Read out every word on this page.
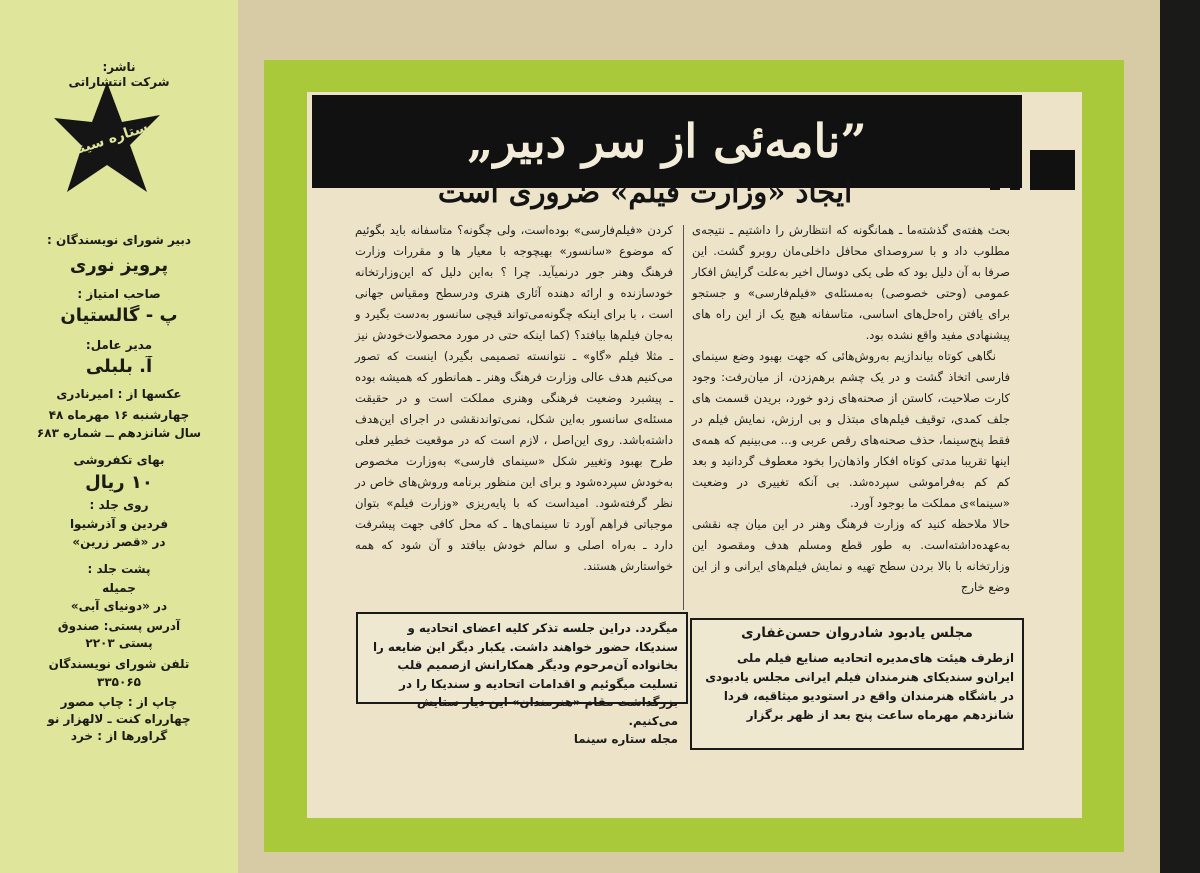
ناشر:
شرکت انتشاراتی
ستاره سینما
دبیر شورای نویسندگان :
پرویز نوری
صاحب امتیاز :
پ - گالستیان
مدیر عامل:
آ. بلبلی
عکسها از : امیرنادری
چهارشنبه ۱۶ مهرماه ۴۸
سال شانزدهم ــ شماره ۶۸۳
بهای تکفروشی
۱۰ ریال
روی جلد :
فردین و آذرشیوا
در «قصر زرین»
پشت جلد :
جمیله
در «دونیای آبی»
آدرس پستی: صندوق
پستی ۲۲۰۳
تلفن شورای نویسندگان
۳۳۵۰۶۵
چاپ از : چاپ مصور
چهارراه کنت ـ لالهزار نو
گراورها از : خرد
”نامه‌ئی از سر دبیر„
ایجاد «وزارت فیلم» ضروری است

بحث هفته‌ی گذشته‌ما ـ همانگونه که انتظارش را داشتیم ـ نتیجه‌ی مطلوب داد و با سروصدای محافل داخلی‌مان روبرو گشت. این صرفا به آن دلیل بود که طی یکی دوسال اخیر به‌علت گرایش افکار عمومی (وحتی خصوصی) به‌مسئله‌ی «فیلم‌فارسی» و جستجو برای یافتن راه‌حل‌های اساسی، متاسفانه هیچ یک از این راه های پیشنهادی مفید واقع نشده بود.

نگاهی کوتاه بیاندازیم به‌روش‌هائی که جهت بهبود وضع سینمای فارسی اتخاذ گشت و در یک چشم برهم‌زدن، از میان‌رفت: وجود کارت صلاحیت، کاستن از صحنه‌های زدو خورد، بریدن قسمت های جلف کمدی، توقیف فیلم‌های مبتذل و بی ارزش، نمایش فیلم در فقط پنج‌سینما، حذف صحنه‌های رقص عربی و... می‌بینیم که همه‌ی اینها تقریبا مدتی کوتاه افکار واذهان‌را بخود معطوف گردانید و بعد کم کم به‌فراموشی سپرده‌شد. بی آنکه تغییری در وضعیت «سینما»ی مملکت ما بوجود آورد.

حالا ملاحظه کنید که وزارت فرهنگ وهنر در این میان چه نقشی به‌عهده‌داشته‌است. به طور قطع ومسلم هدف ومقصود این وزارتخانه با بالا بردن سطح تهیه و نمایش فیلم‌های ایرانی و از این وضع خارج

کردن «فیلم‌فارسی» بوده‌است، ولی چگونه؟ متاسفانه باید بگوئیم که موضوع «سانسور» بهیچوجه با معیار ها و مقررات وزارت فرهنگ وهنر جور درنمیآید. چرا ؟ به‌این دلیل که این‌وزارتخانه خودسازنده و ارائه دهنده آثاری هنری ودرسطح ومقیاس جهانی است ، با برای اینکه چگونه‌می‌تواند قیچی سانسور به‌دست بگیرد و به‌جان فیلم‌ها بیافتد؟ (کما اینکه حتی در مورد محصولات‌خودش نیز ـ مثلا فیلم «گاو» ـ نتوانسته تصمیمی بگیرد) اینست که تصور می‌کنیم هدف عالی وزارت فرهنگ وهنر ـ همانطور که همیشه بوده ـ پیشبرد وضعیت فرهنگی وهنری مملکت است و در حقیقت مسئله‌ی سانسور به‌این شکل، نمی‌تواندنقشی در اجرای این‌هدف داشته‌باشد. روی این‌اصل ، لازم است که در موقعیت خطیر فعلی طرح بهبود وتغییر شکل «سینمای فارسی» به‌وزارت مخصوص به‌خودش سپرده‌شود و برای این منظور برنامه وروش‌های خاص در نظر گرفته‌شود. امیداست که با پایه‌ریزی «وزارت فیلم» بتوان موجباتی فراهم آورد تا سینمای‌ها ـ که محل کافی جهت پیشرفت دارد ـ به‌راه اصلی و سالم خودش بیافتد و آن شود که همه خواستارش هستند.

میگردد. دراین جلسه تذکر کلیه اعضای اتحادیه و سندیکا، حضور خواهند داشت. یکبار دیگر این ضایعه را بخانواده آن‌مرحوم ودیگر همکارانش ازصمیم قلب تسلیت میگوئیم و اقدامات اتحادیه و سندیکا را در بزرگداشت مقام «هنرمندان» این دیار ستایش می‌کنیم.

مجله ستاره سینما

مجلس یادبود شادروان حسن‌غفاری

ازطرف هیئت های‌مدیره اتحادیه صنایع فیلم ملی ایران‌و سندیکای هنرمندان فیلم ایرانی مجلس یادبودی در باشگاه هنرمندان واقع در استودیو میثاقیه، فردا شانزدهم مهرماه ساعت پنج بعد از ظهر برگزار
